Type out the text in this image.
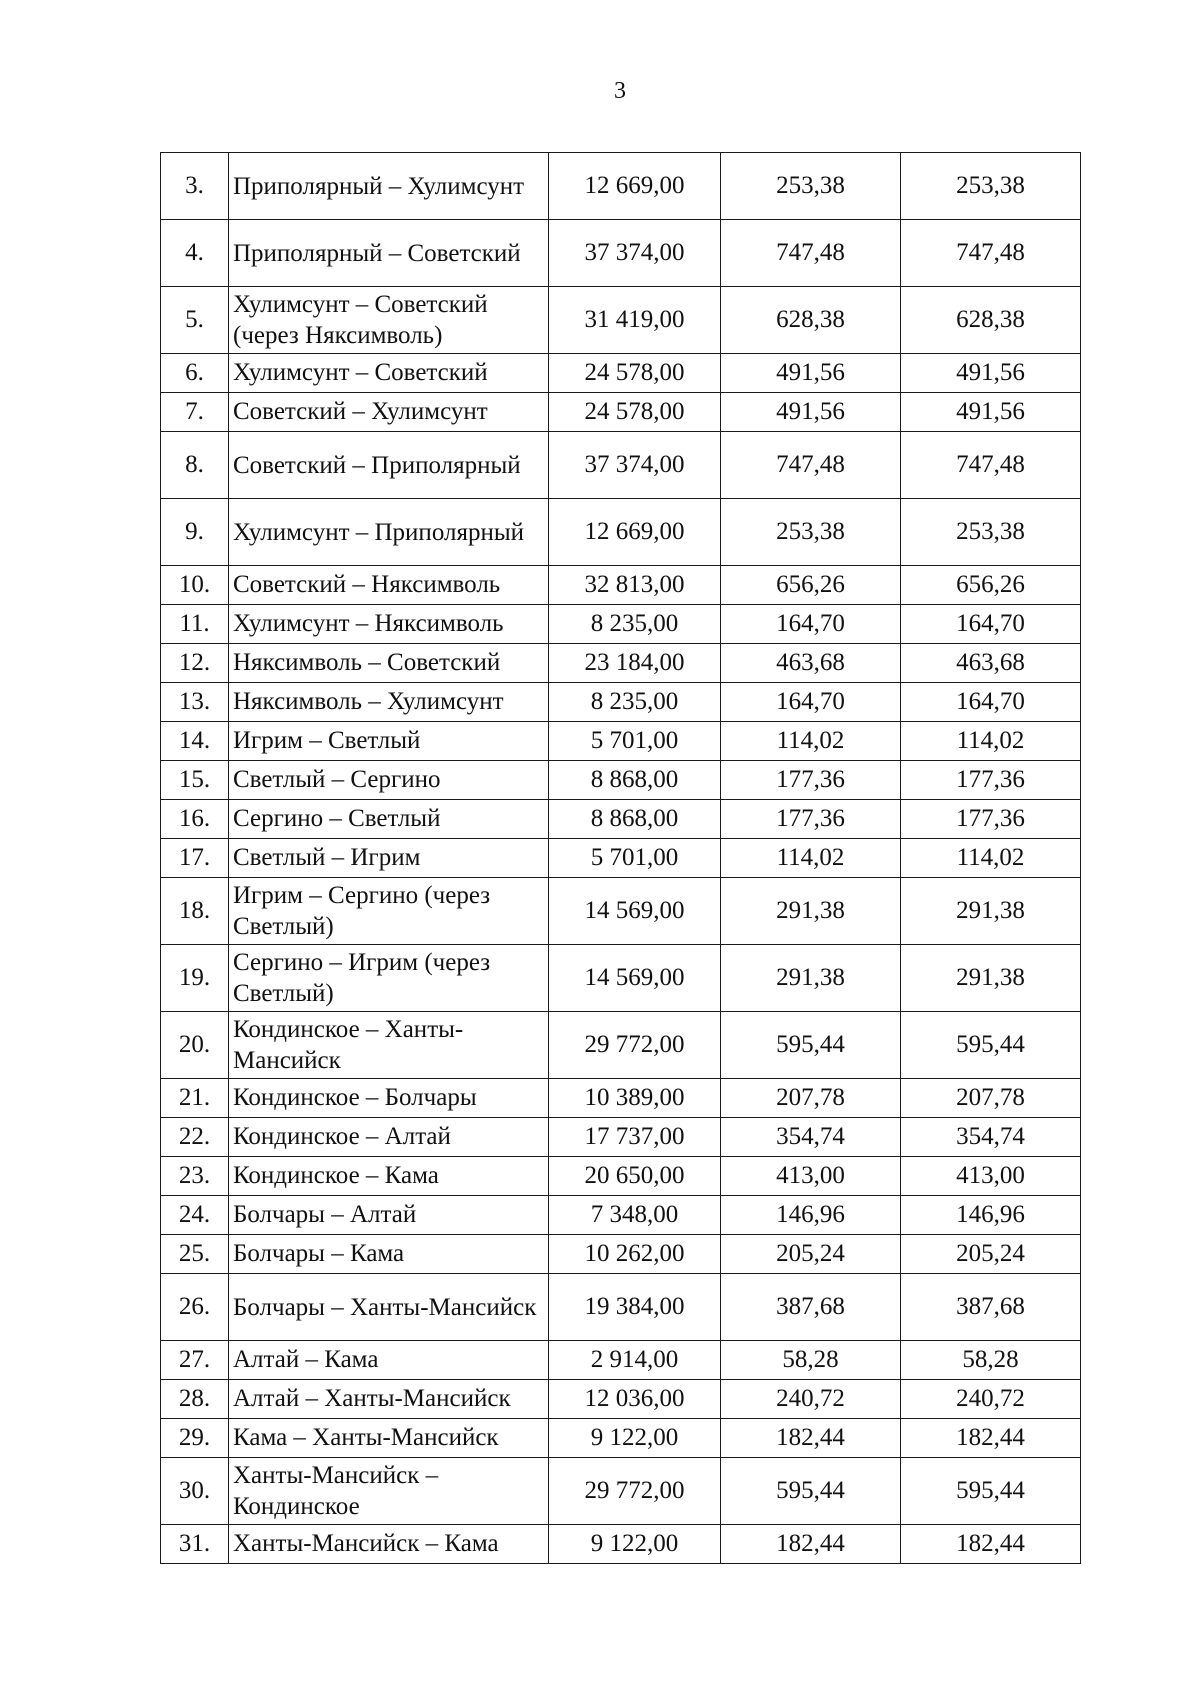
3
3.	Приполярный – Хулимсунт	12 669,00	253,38	253,38
4.	Приполярный – Советский	37 374,00	747,48	747,48
5.	Хулимсунт – Советский (через Няксимволь)	31 419,00	628,38	628,38
6.	Хулимсунт – Советский	24 578,00	491,56	491,56
7.	Советский – Хулимсунт	24 578,00	491,56	491,56
8.	Советский – Приполярный	37 374,00	747,48	747,48
9.	Хулимсунт – Приполярный	12 669,00	253,38	253,38
10.	Советский – Няксимволь	32 813,00	656,26	656,26
11.	Хулимсунт – Няксимволь	8 235,00	164,70	164,70
12.	Няксимволь – Советский	23 184,00	463,68	463,68
13.	Няксимволь – Хулимсунт	8 235,00	164,70	164,70
14.	Игрим – Светлый	5 701,00	114,02	114,02
15.	Светлый – Сергино	8 868,00	177,36	177,36
16.	Сергино – Светлый	8 868,00	177,36	177,36
17.	Светлый – Игрим	5 701,00	114,02	114,02
18.	Игрим – Сергино (через Светлый)	14 569,00	291,38	291,38
19.	Сергино – Игрим (через Светлый)	14 569,00	291,38	291,38
20.	Кондинское – Ханты-Мансийск	29 772,00	595,44	595,44
21.	Кондинское – Болчары	10 389,00	207,78	207,78
22.	Кондинское – Алтай	17 737,00	354,74	354,74
23.	Кондинское – Кама	20 650,00	413,00	413,00
24.	Болчары – Алтай	7 348,00	146,96	146,96
25.	Болчары – Кама	10 262,00	205,24	205,24
26.	Болчары – Ханты-Мансийск	19 384,00	387,68	387,68
27.	Алтай – Кама	2 914,00	58,28	58,28
28.	Алтай – Ханты-Мансийск	12 036,00	240,72	240,72
29.	Кама – Ханты-Мансийск	9 122,00	182,44	182,44
30.	Ханты-Мансийск – Кондинское	29 772,00	595,44	595,44
31.	Ханты-Мансийск – Кама	9 122,00	182,44	182,44
